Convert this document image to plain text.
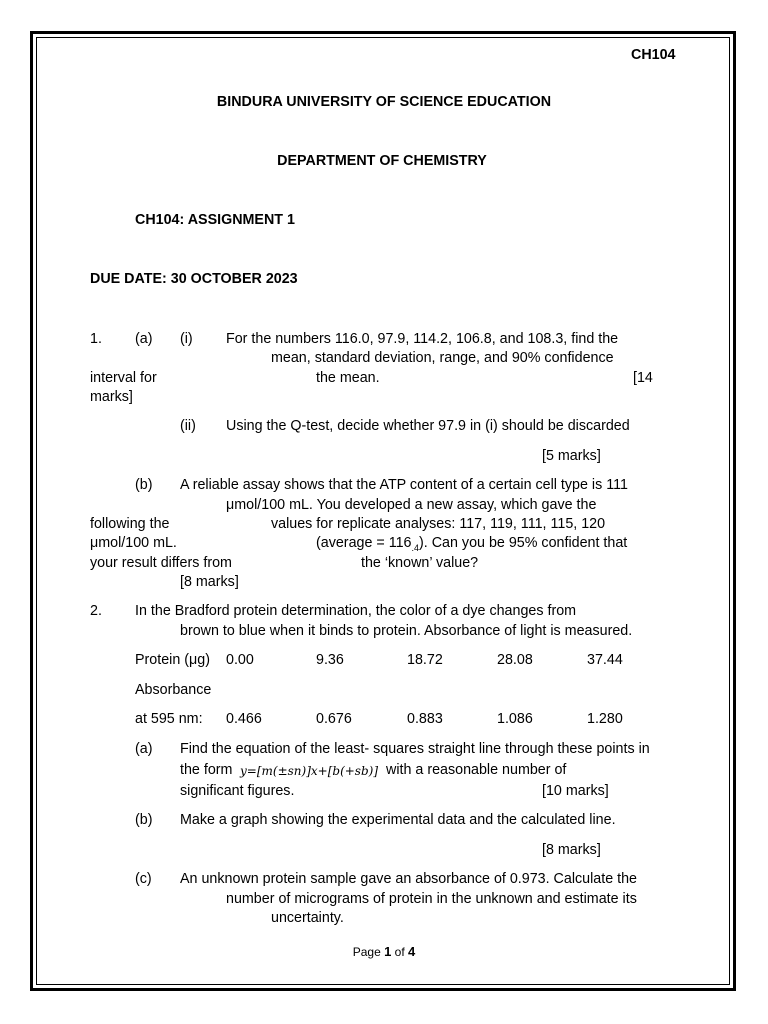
CH104
BINDURA UNIVERSITY OF SCIENCE EDUCATION
DEPARTMENT OF CHEMISTRY
CH104: ASSIGNMENT 1
DUE DATE: 30 OCTOBER 2023
1. (a) (i) For the numbers 116.0, 97.9, 114.2, 106.8, and 108.3, find the
mean, standard deviation, range, and 90% confidence
interval for	the mean.	[14
marks]
(ii) Using the Q-test, decide whether 97.9 in (i) should be discarded
[5 marks]
(b) A reliable assay shows that the ATP content of a certain cell type is 111
μmol/100 mL. You developed a new assay, which gave the
following the	values for replicate analyses: 117, 119, 111, 115, 120
μmol/100 mL.	(average = $116_{.4}$). Can you be 95% confident that
your result differs from	the ‘known’ value?
[8 marks]
2. In the Bradford protein determination, the color of a dye changes from
brown to blue when it binds to protein. Absorbance of light is measured.
Protein (μg) 0.00	9.36	18.72	28.08	37.44
Absorbance
at 595 nm: 0.466	0.676	0.883	1.086	1.280
(a) Find the equation of the least- squares straight line through these points in
the form y=[m(±sn)]x+[b(+sb)] with a reasonable number of
significant figures.	[10 marks]
(b) Make a graph showing the experimental data and the calculated line.
[8 marks]
(c) An unknown protein sample gave an absorbance of 0.973. Calculate the
number of micrograms of protein in the unknown and estimate its
uncertainty.
Page 1 of 4
